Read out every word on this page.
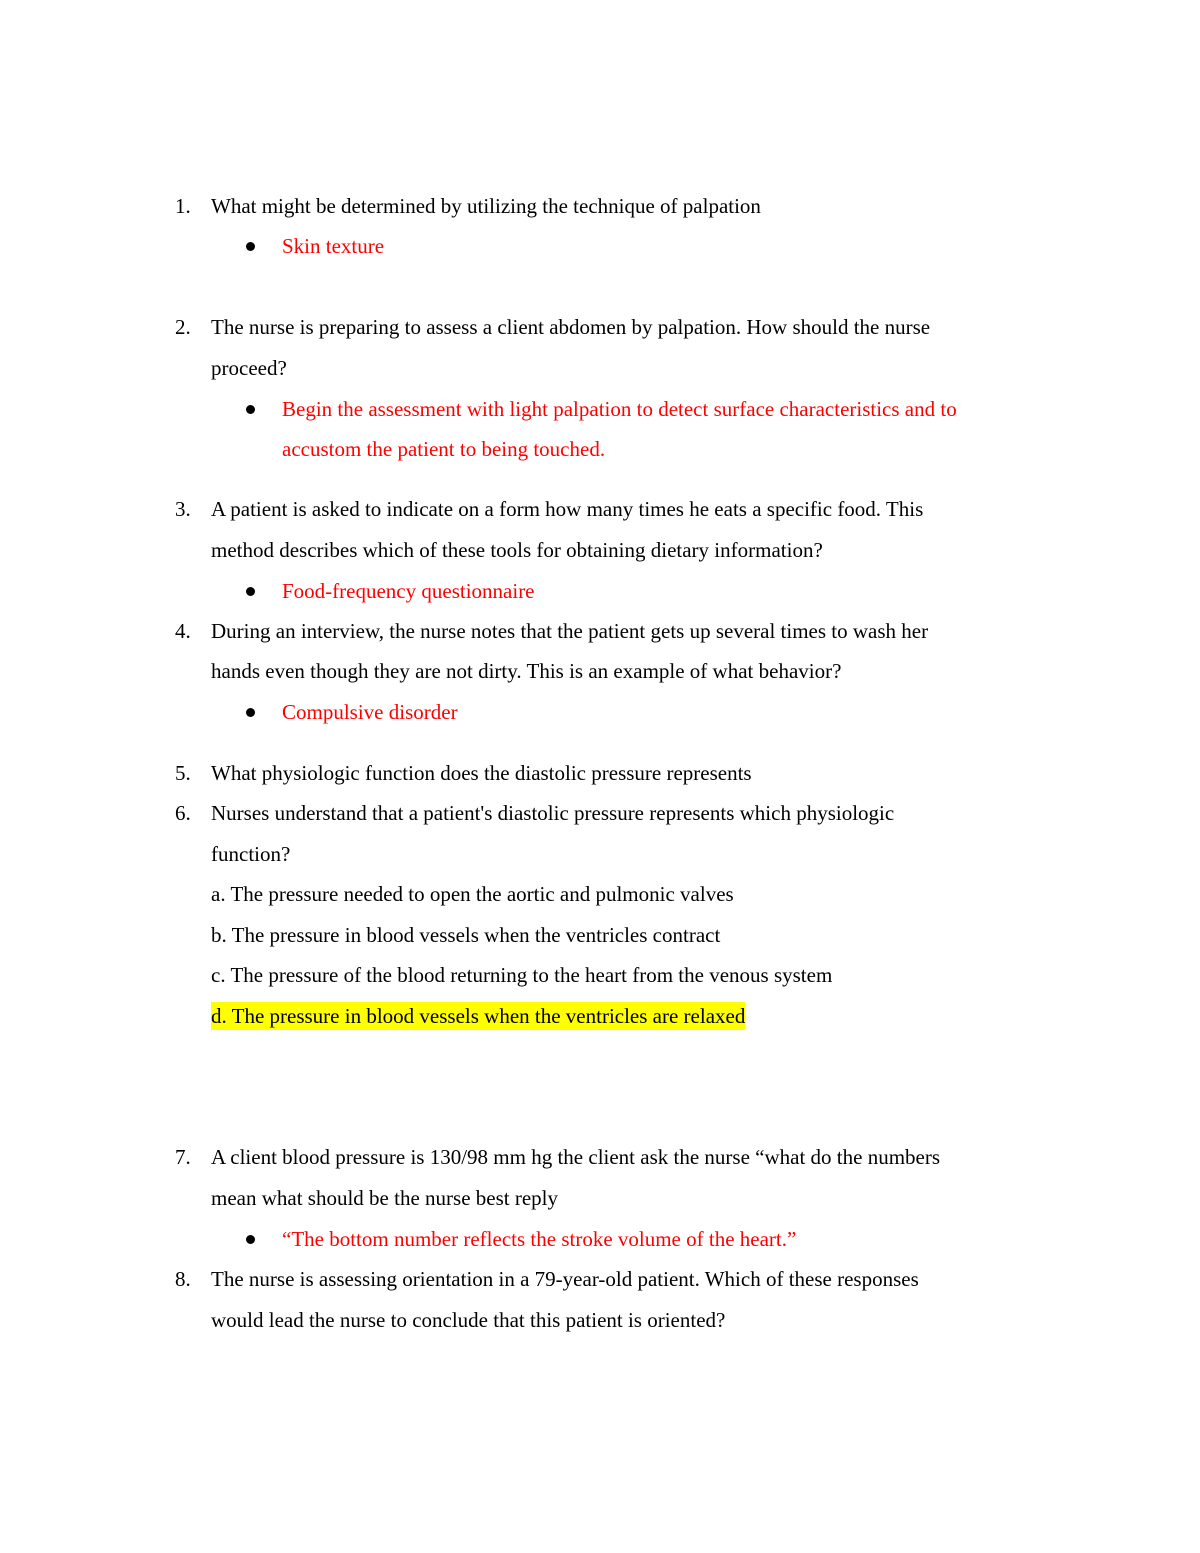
1. What might be determined by utilizing the technique of palpation
Skin texture
2. The nurse is preparing to assess a client abdomen by palpation. How should the nurse
proceed?
Begin the assessment with light palpation to detect surface characteristics and to
accustom the patient to being touched.
3. A patient is asked to indicate on a form how many times he eats a specific food. This
method describes which of these tools for obtaining dietary information?
Food-frequency questionnaire
4. During an interview, the nurse notes that the patient gets up several times to wash her
hands even though they are not dirty. This is an example of what behavior?
Compulsive disorder
5. What physiologic function does the diastolic pressure represents
6. Nurses understand that a patient's diastolic pressure represents which physiologic
function?
a. The pressure needed to open the aortic and pulmonic valves
b. The pressure in blood vessels when the ventricles contract
c. The pressure of the blood returning to the heart from the venous system
d. The pressure in blood vessels when the ventricles are relaxed
7. A client blood pressure is 130/98 mm hg the client ask the nurse “what do the numbers
mean what should be the nurse best reply
“The bottom number reflects the stroke volume of the heart.”
8. The nurse is assessing orientation in a 79-year-old patient. Which of these responses
would lead the nurse to conclude that this patient is oriented?
